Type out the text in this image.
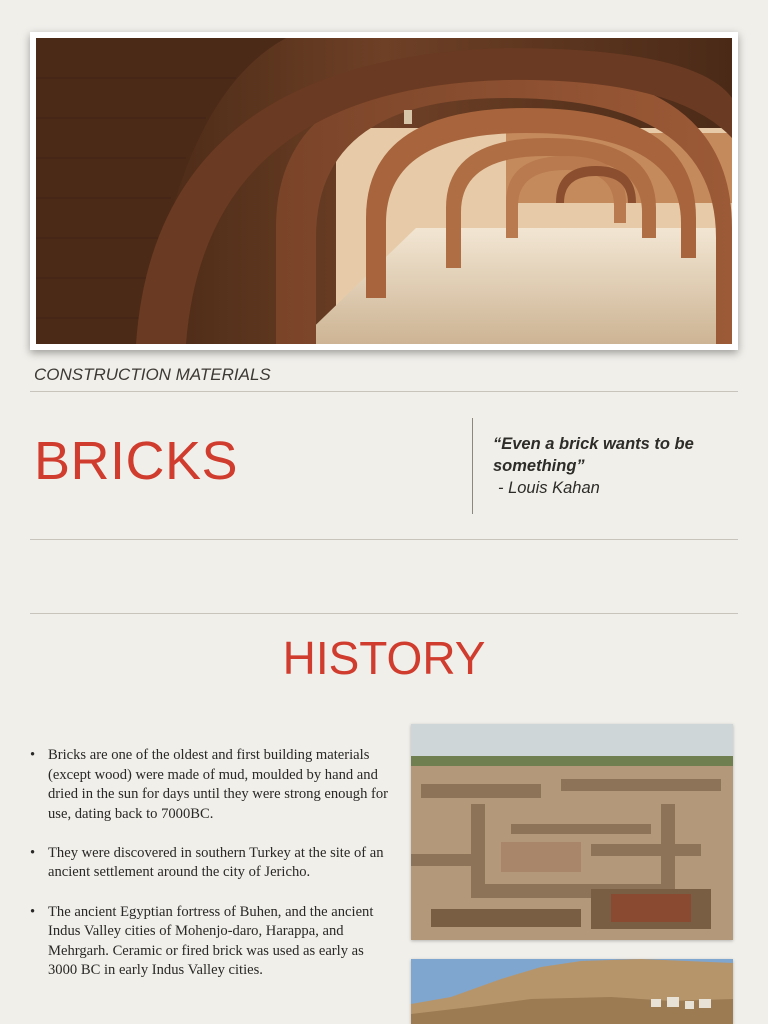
CONSTRUCTION MATERIALS
BRICKS	“Even a brick wants to be something”
- Louis Kahan
HISTORY
• Bricks are one of the oldest and first building materials (except wood) were made of mud, moulded by hand and dried in the sun for days until they were strong enough for use, dating back to 7000BC.
• They were discovered in southern Turkey at the site of an ancient settlement around the city of Jericho.
• The ancient Egyptian fortress of Buhen, and the ancient Indus Valley cities of Mohenjo-daro, Harappa, and Mehrgarh. Ceramic or fired brick was used as early as 3000 BC in early Indus Valley cities.
